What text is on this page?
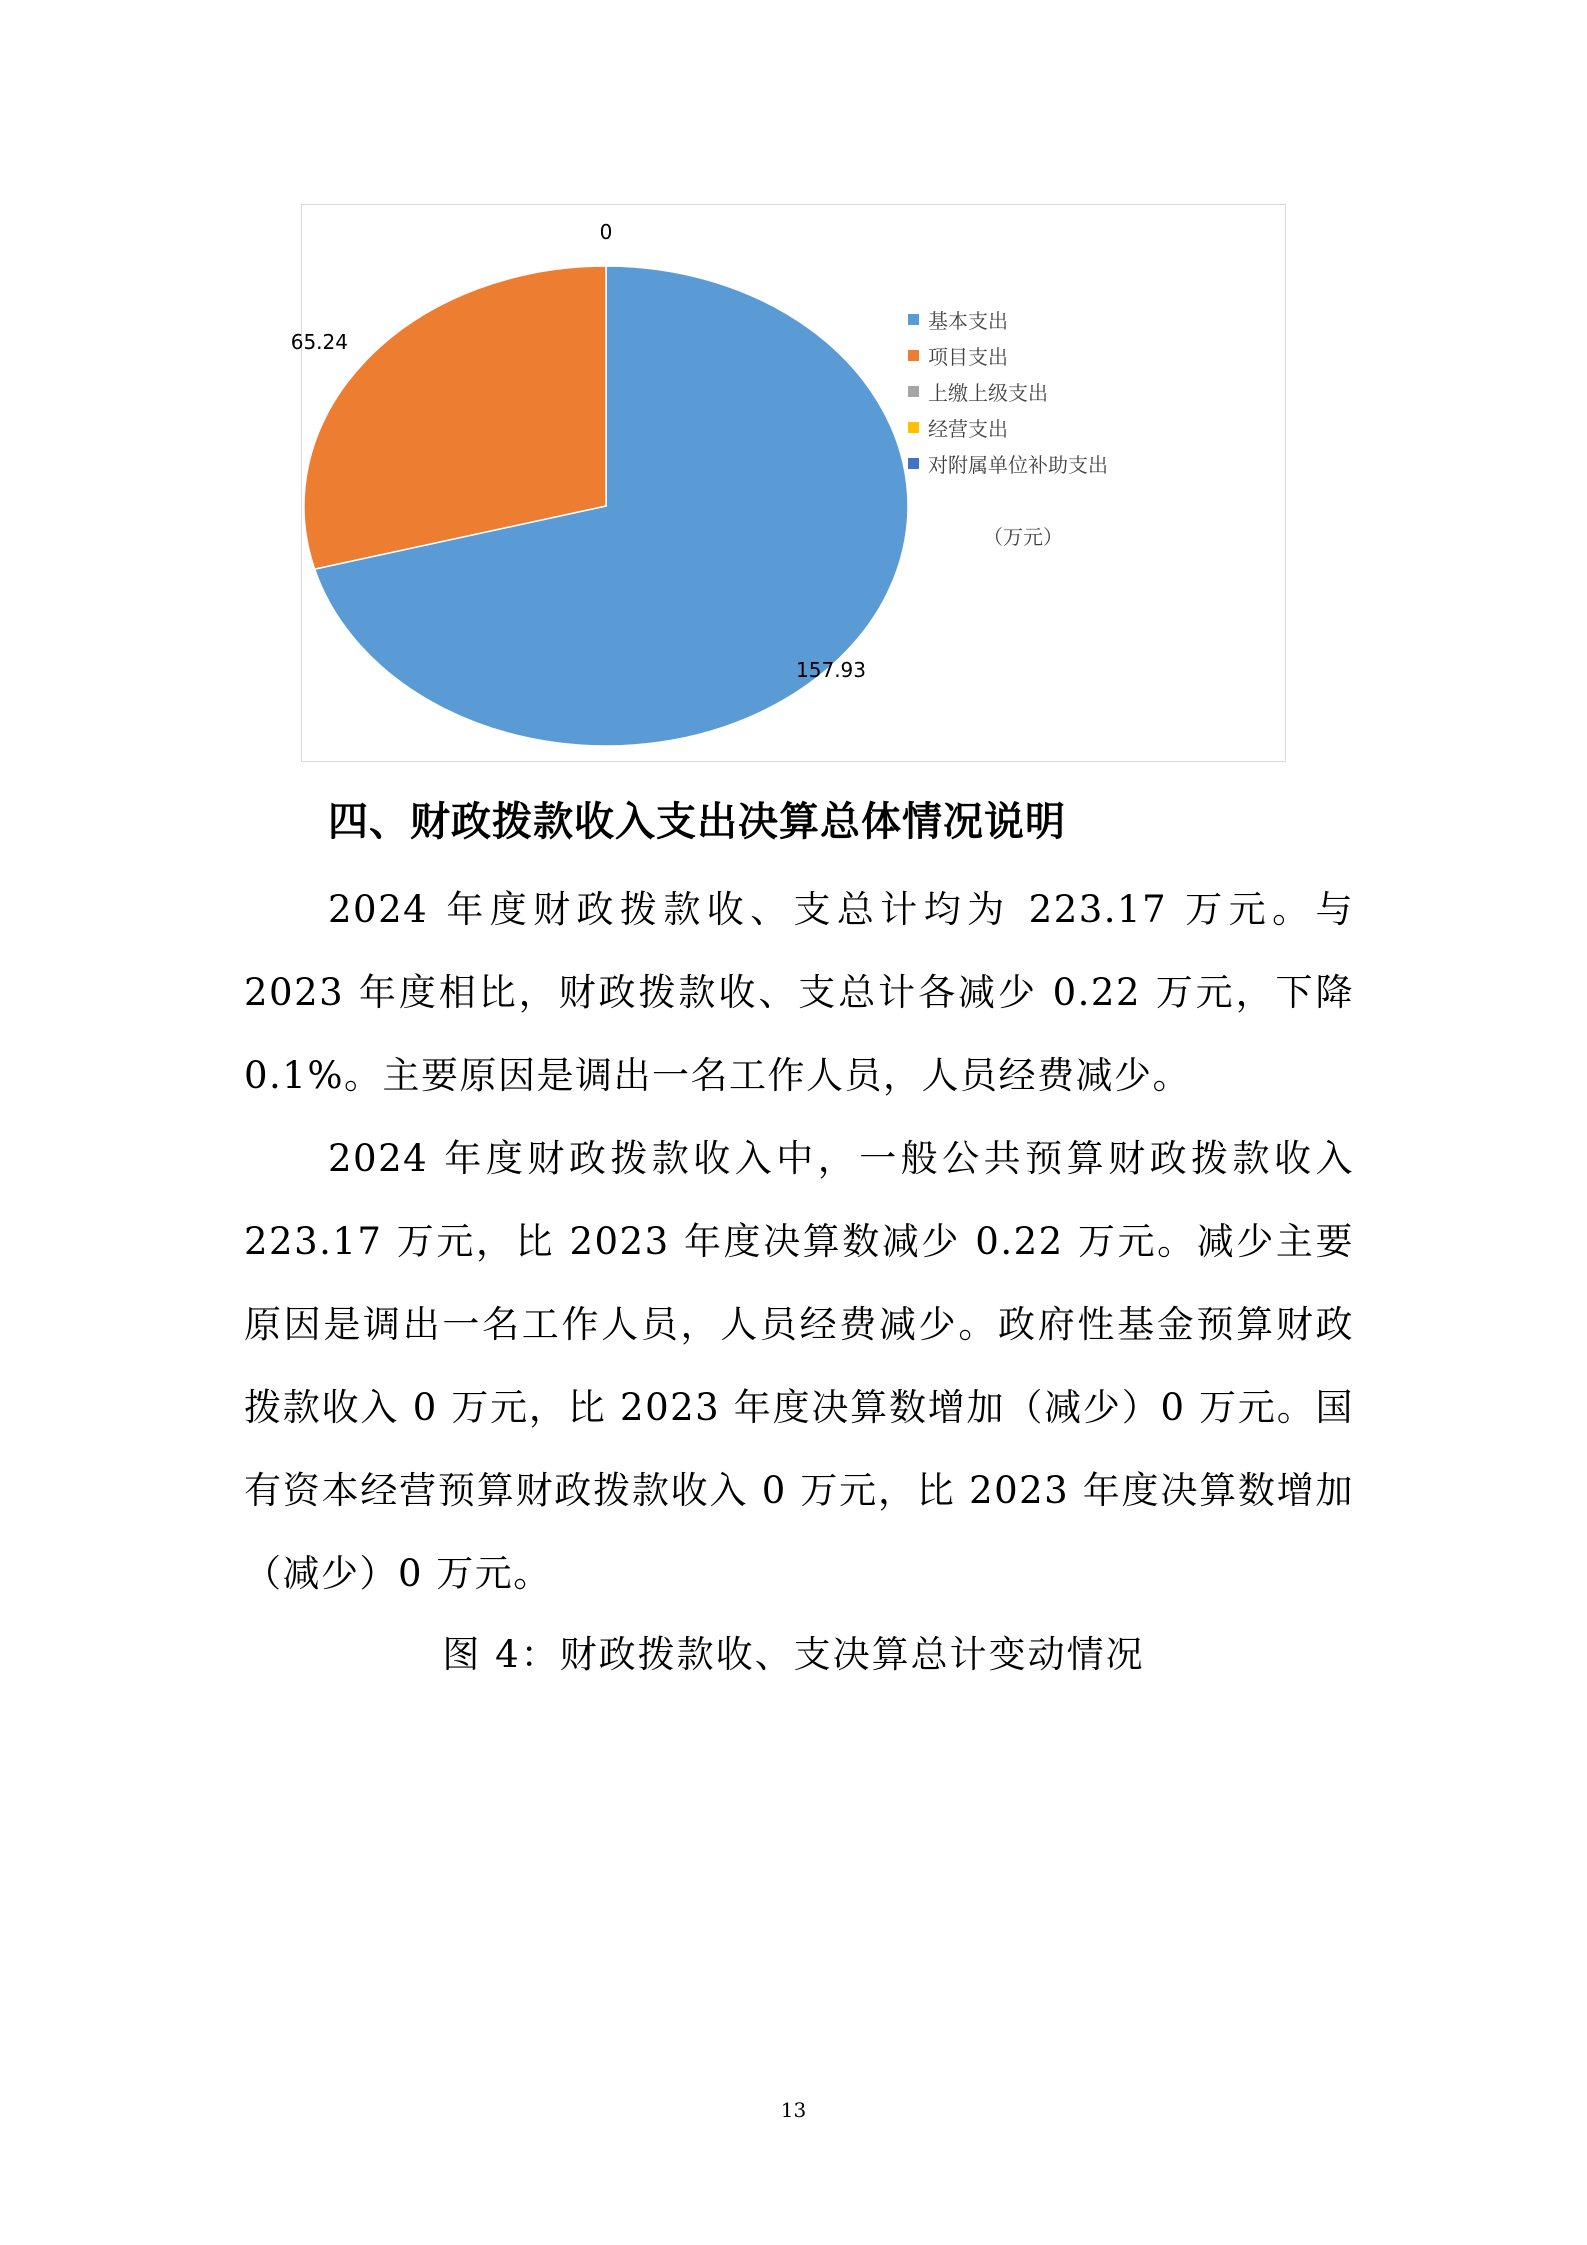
0
65.24
157.93
基本支出
项目支出
上缴上级支出
经营支出
对附属单位补助支出
（万元）
四、财政拨款收入支出决算总体情况说明

2024 年度财政拨款收、支总计均为 223.17 万元。与 2023 年度相比，财政拨款收、支总计各减少 0.22 万元，下降 0.1%。主要原因是调出一名工作人员，人员经费减少。

2024 年度财政拨款收入中，一般公共预算财政拨款收入 223.17 万元，比 2023 年度决算数减少 0.22 万元。减少主要原因是调出一名工作人员，人员经费减少。政府性基金预算财政拨款收入 0 万元，比 2023 年度决算数增加（减少）0 万元。国有资本经营预算财政拨款收入 0 万元，比 2023 年度决算数增加（减少）0 万元。

图 4：财政拨款收、支决算总计变动情况

13
